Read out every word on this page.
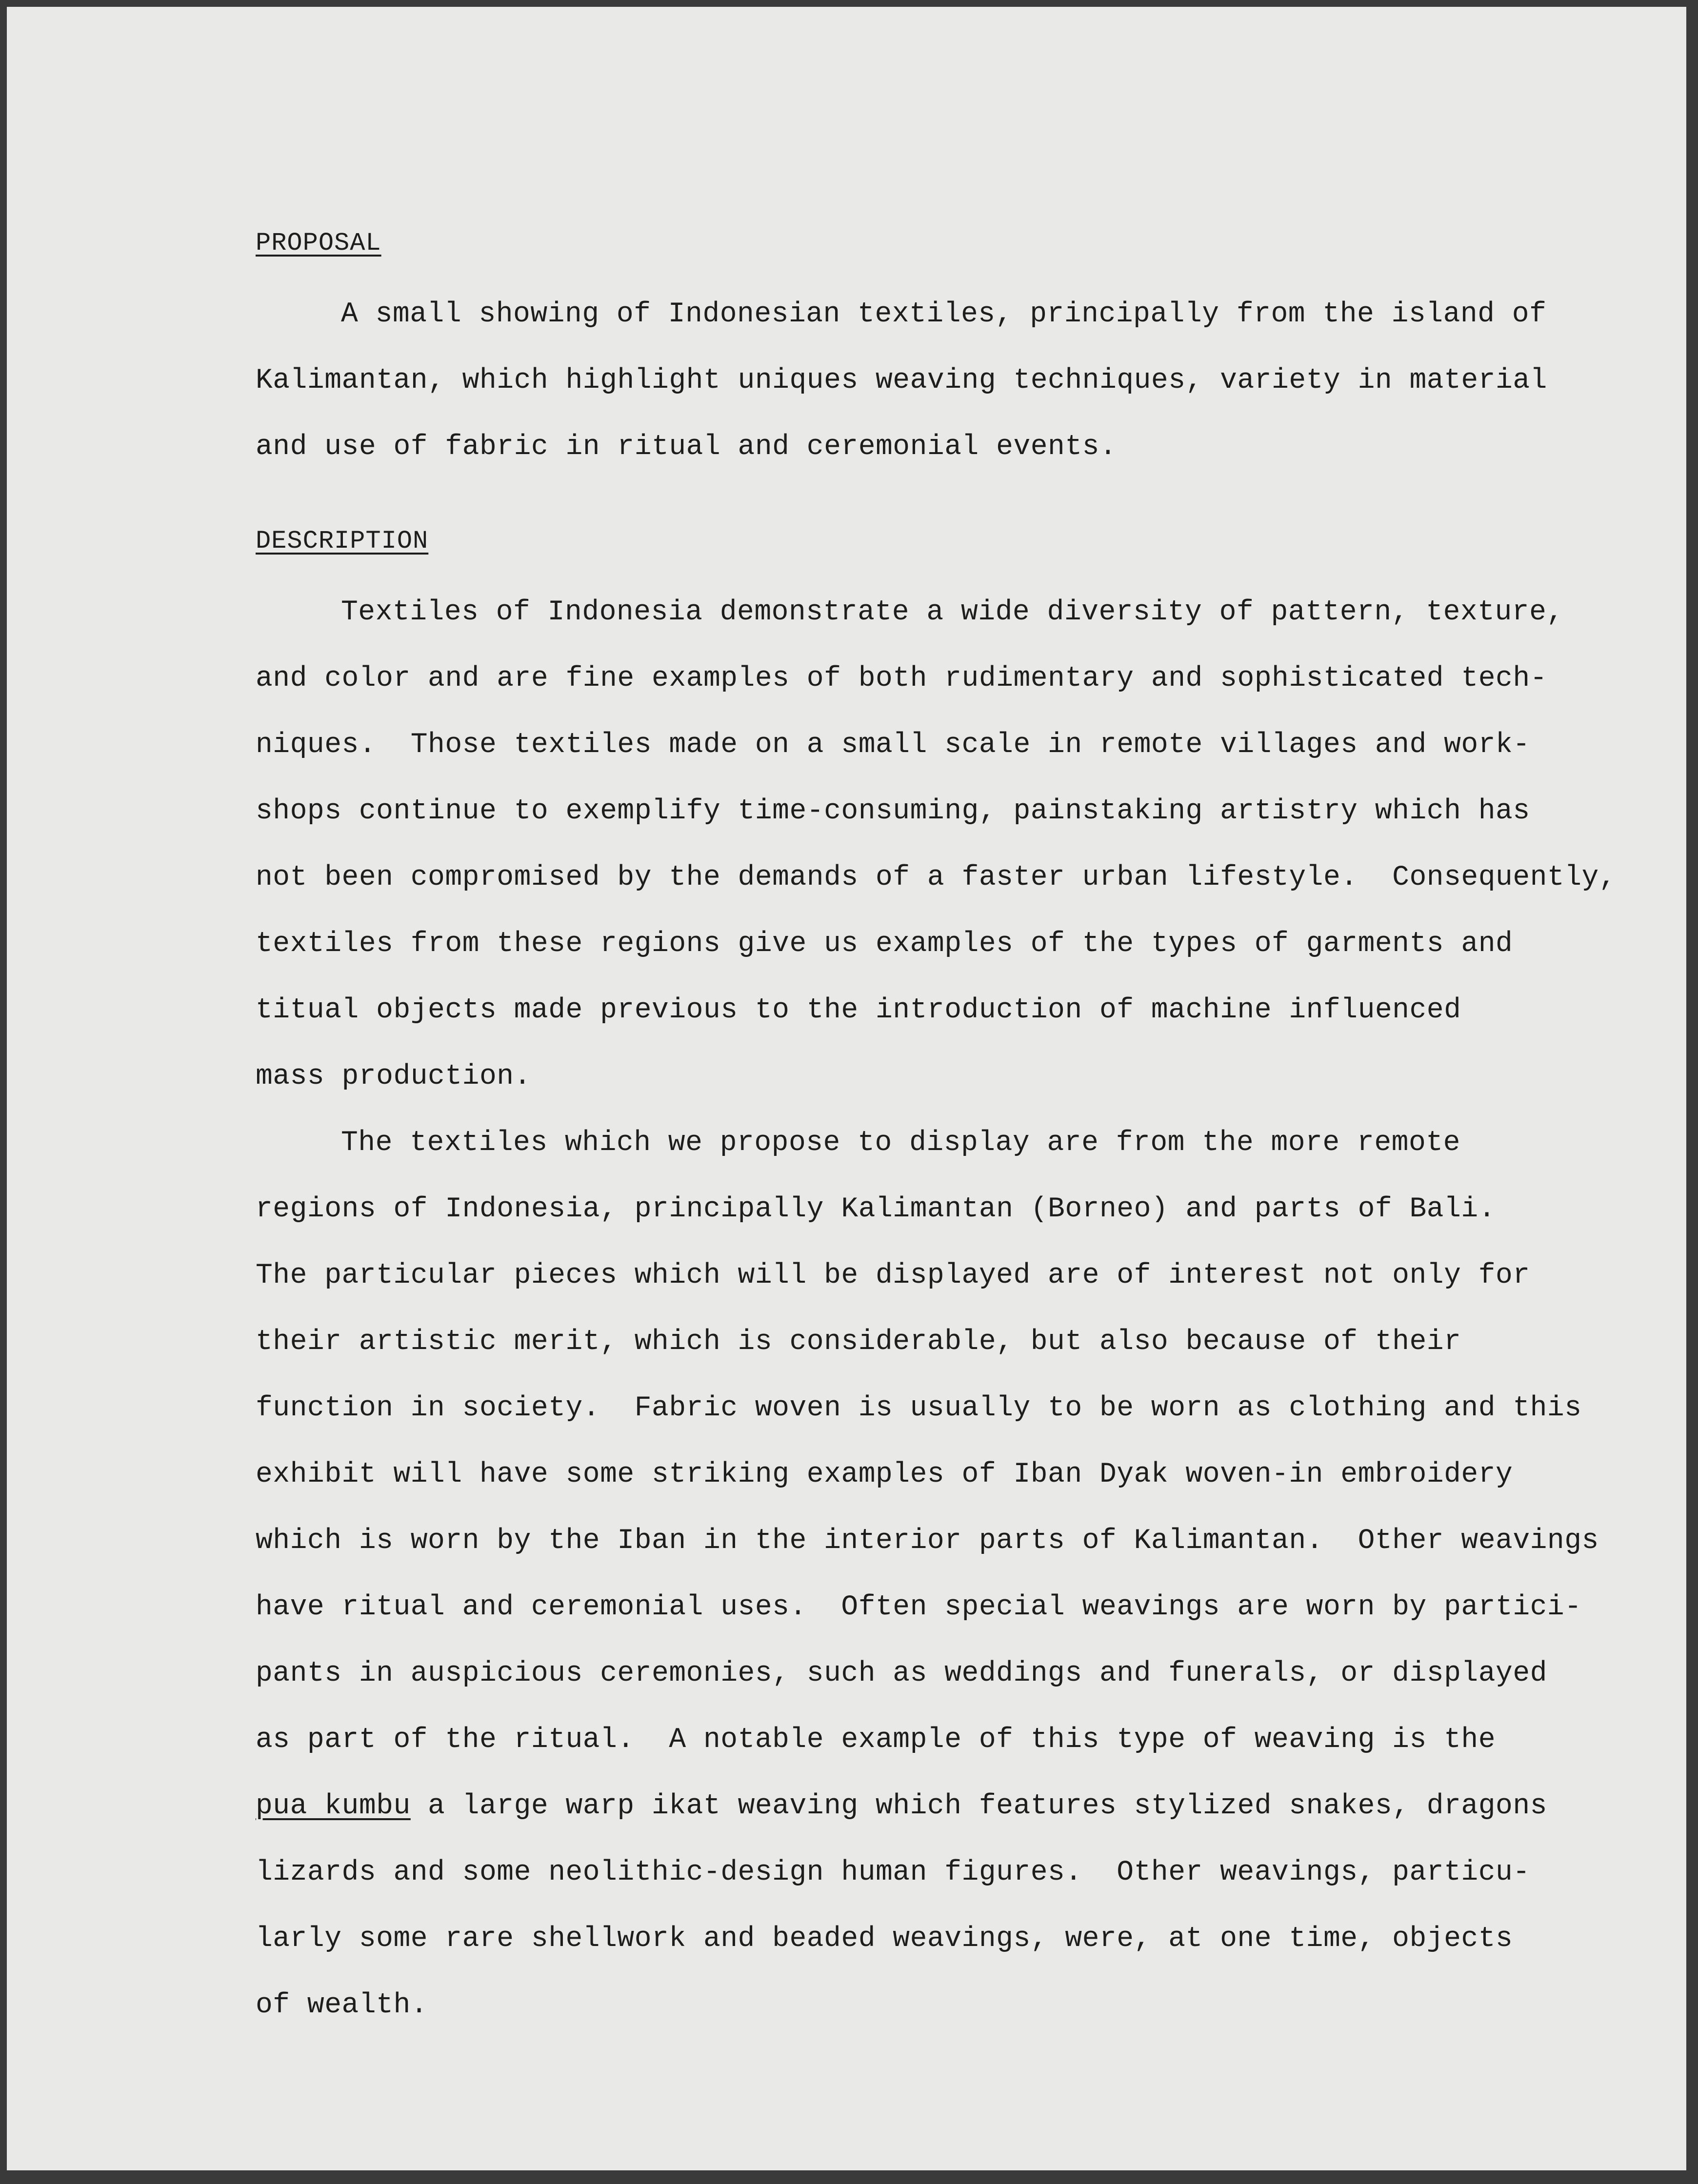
PROPOSAL
A small showing of Indonesian textiles, principally from the island of
Kalimantan, which highlight uniques weaving techniques, variety in material
and use of fabric in ritual and ceremonial events.
DESCRIPTION
Textiles of Indonesia demonstrate a wide diversity of pattern, texture,
and color and are fine examples of both rudimentary and sophisticated tech-
niques.  Those textiles made on a small scale in remote villages and work-
shops continue to exemplify time-consuming, painstaking artistry which has
not been compromised by the demands of a faster urban lifestyle.  Consequently,
textiles from these regions give us examples of the types of garments and
titual objects made previous to the introduction of machine influenced
mass production.
The textiles which we propose to display are from the more remote
regions of Indonesia, principally Kalimantan (Borneo) and parts of Bali.
The particular pieces which will be displayed are of interest not only for
their artistic merit, which is considerable, but also because of their
function in society.  Fabric woven is usually to be worn as clothing and this
exhibit will have some striking examples of Iban Dyak woven-in embroidery
which is worn by the Iban in the interior parts of Kalimantan.  Other weavings
have ritual and ceremonial uses.  Often special weavings are worn by partici-
pants in auspicious ceremonies, such as weddings and funerals, or displayed
as part of the ritual.  A notable example of this type of weaving is the
pua kumbu a large warp ikat weaving which features stylized snakes, dragons
lizards and some neolithic-design human figures.  Other weavings, particu-
larly some rare shellwork and beaded weavings, were, at one time, objects
of wealth.
